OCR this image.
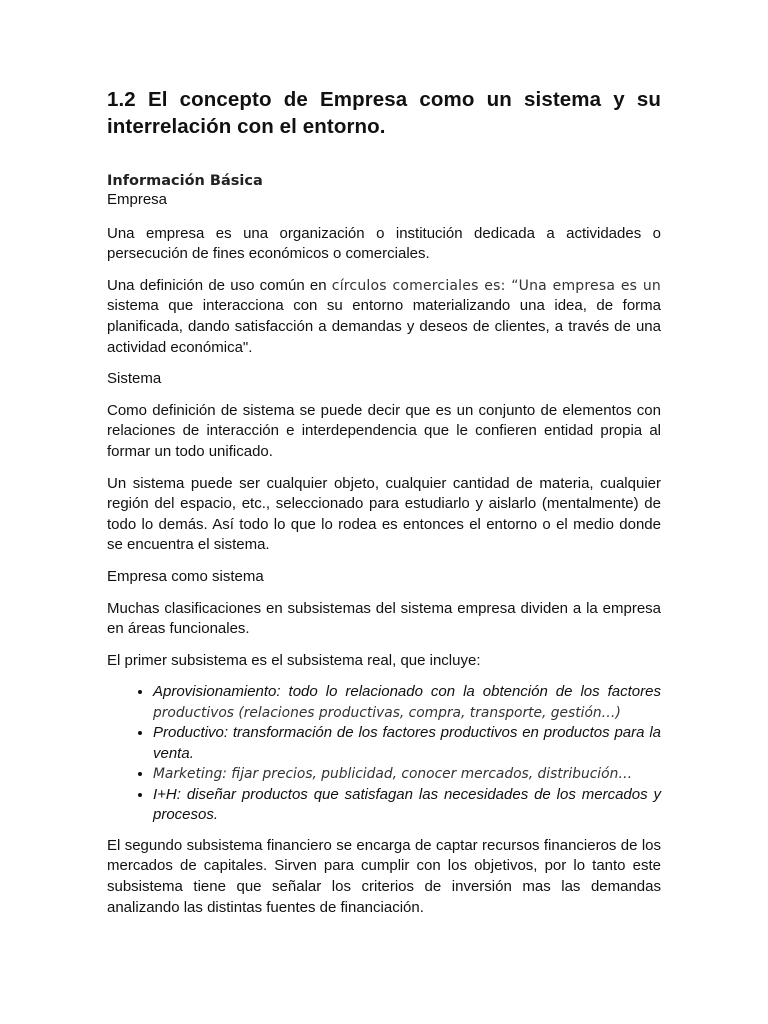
1.2 El concepto de Empresa como un sistema y su interrelación con el entorno.
Información Básica

Empresa

Una empresa es una organización o institución dedicada a actividades o persecución de fines económicos o comerciales.

Una definición de uso común en círculos comerciales es: “Una empresa es un sistema que interacciona con su entorno materializando una idea, de forma planificada, dando satisfacción a demandas y deseos de clientes, a través de una actividad económica".

Sistema

Como definición de sistema se puede decir que es un conjunto de elementos con relaciones de interacción e interdependencia que le confieren entidad propia al formar un todo unificado.

Un sistema puede ser cualquier objeto, cualquier cantidad de materia, cualquier región del espacio, etc., seleccionado para estudiarlo y aislarlo (mentalmente) de todo lo demás. Así todo lo que lo rodea es entonces el entorno o el medio donde se encuentra el sistema.

Empresa como sistema

Muchas clasificaciones en subsistemas del sistema empresa dividen a la empresa en áreas funcionales.

El primer subsistema es el subsistema real, que incluye:

• Aprovisionamiento: todo lo relacionado con la obtención de los factores productivos (relaciones productivas, compra, transporte, gestión…)
• Productivo: transformación de los factores productivos en productos para la venta.
• Marketing: fijar precios, publicidad, conocer mercados, distribución…
• I+H: diseñar productos que satisfagan las necesidades de los mercados y procesos.

El segundo subsistema financiero se encarga de captar recursos financieros de los mercados de capitales. Sirven para cumplir con los objetivos, por lo tanto este subsistema tiene que señalar los criterios de inversión mas las demandas analizando las distintas fuentes de financiación.
